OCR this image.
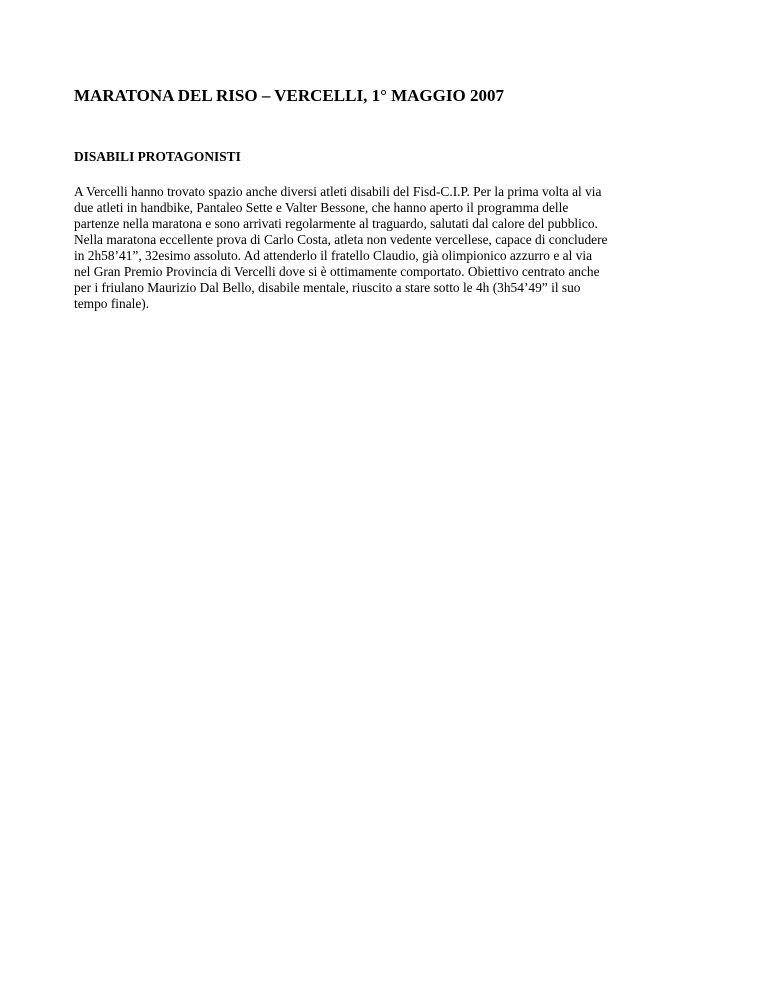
MARATONA DEL RISO – VERCELLI, 1° MAGGIO 2007
DISABILI PROTAGONISTI

A Vercelli hanno trovato spazio anche diversi atleti disabili del Fisd-C.I.P. Per la prima volta al via
due atleti in handbike, Pantaleo Sette e Valter Bessone, che hanno aperto il programma delle
partenze nella maratona e sono arrivati regolarmente al traguardo, salutati dal calore del pubblico.
Nella maratona eccellente prova di Carlo Costa, atleta non vedente vercellese, capace di concludere
in 2h58’41”, 32esimo assoluto. Ad attenderlo il fratello Claudio, già olimpionico azzurro e al via
nel Gran Premio Provincia di Vercelli dove si è ottimamente comportato. Obiettivo centrato anche
per i friulano Maurizio Dal Bello, disabile mentale, riuscito a stare sotto le 4h (3h54’49” il suo
tempo finale).
